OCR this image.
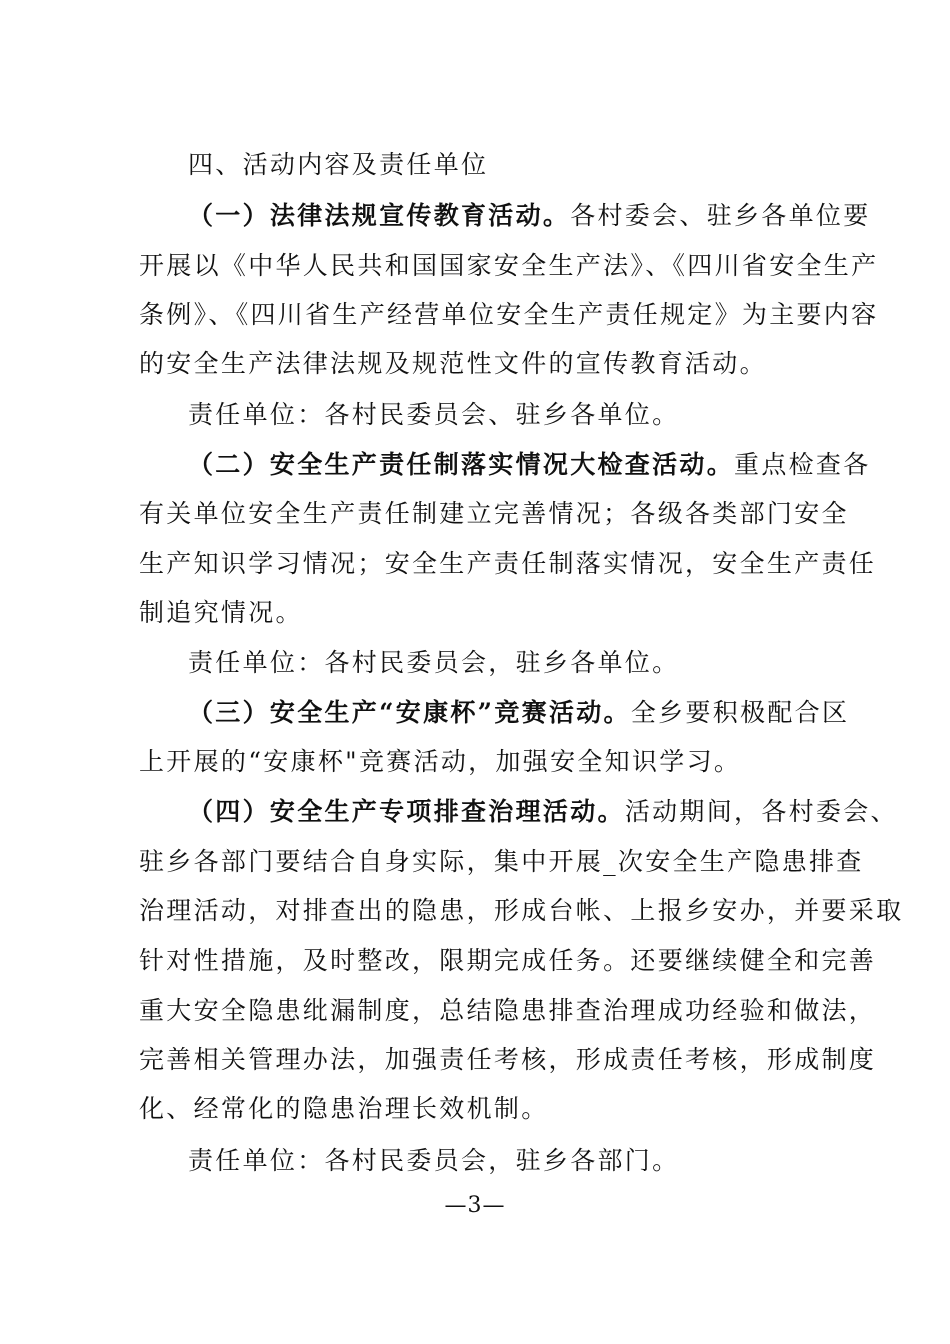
四、活动内容及责任单位
（一）法律法规宣传教育活动。各村委会、驻乡各单位要
开展以《中华人民共和国国家安全生产法》、《四川省安全生产
条例》、《四川省生产经营单位安全生产责任规定》为主要内容
的安全生产法律法规及规范性文件的宣传教育活动。
责任单位：各村民委员会、驻乡各单位。
（二）安全生产责任制落实情况大检查活动。重点检查各
有关单位安全生产责任制建立完善情况；各级各类部门安全
生产知识学习情况；安全生产责任制落实情况，安全生产责任
制追究情况。
责任单位：各村民委员会，驻乡各单位。
（三）安全生产“安康杯”竞赛活动。全乡要积极配合区
上开展的“安康杯"竞赛活动，加强安全知识学习。
（四）安全生产专项排查治理活动。活动期间，各村委会、
驻乡各部门要结合自身实际，集中开展_次安全生产隐患排查
治理活动，对排查出的隐患，形成台帐、上报乡安办，并要采取
针对性措施，及时整改，限期完成任务。还要继续健全和完善
重大安全隐患纰漏制度，总结隐患排查治理成功经验和做法，
完善相关管理办法，加强责任考核，形成责任考核，形成制度
化、经常化的隐患治理长效机制。
责任单位：各村民委员会，驻乡各部门。
—3—
